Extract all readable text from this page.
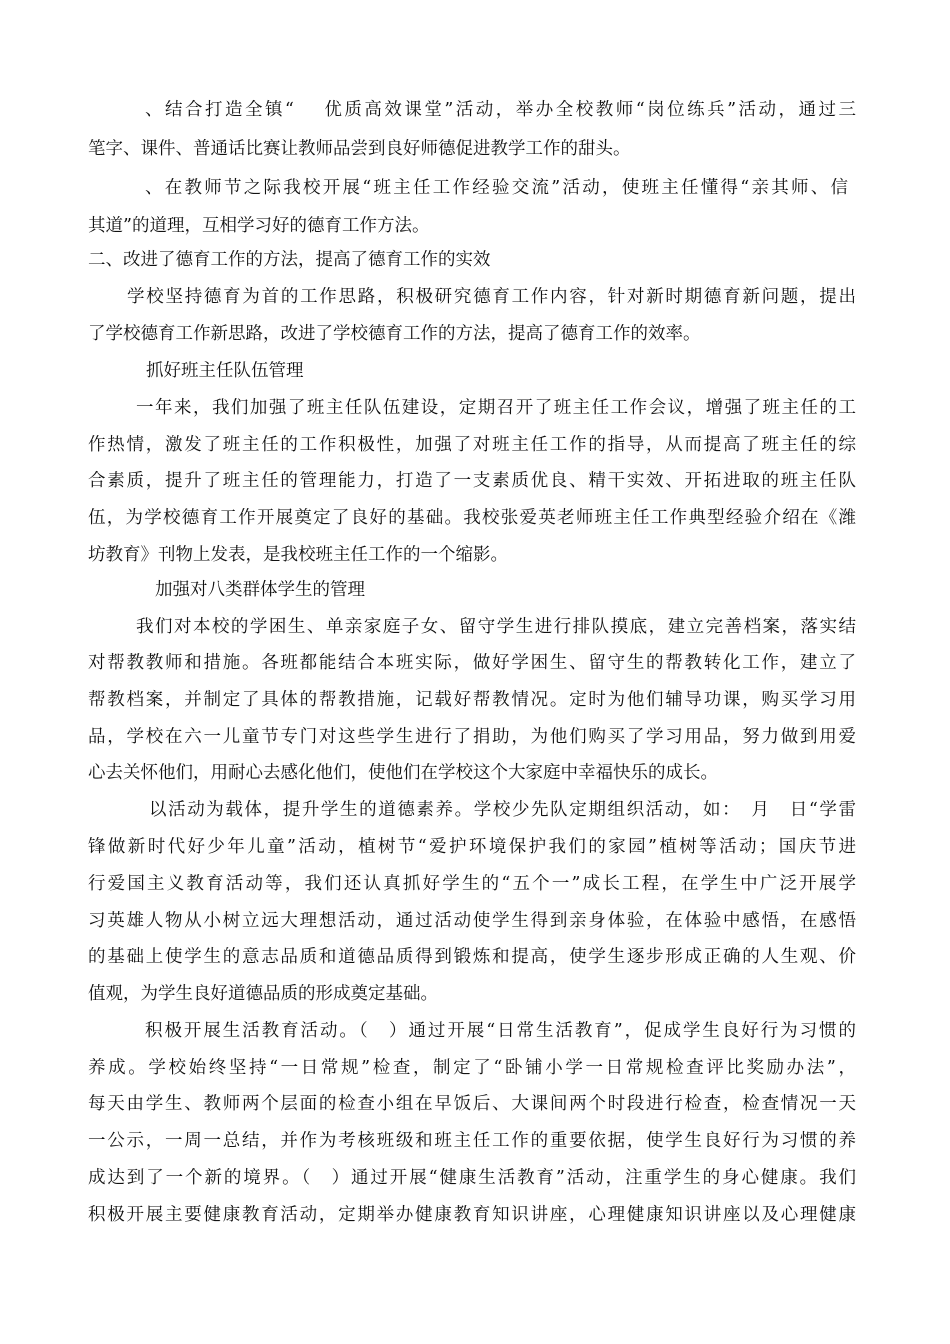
、结合打造全镇“　 优质高效课堂”活动，举办全校教师“岗位练兵”活动，通过三
笔字、课件、普通话比赛让教师品尝到良好师德促进教学工作的甜头。
、在教师节之际我校开展“班主任工作经验交流”活动，使班主任懂得“亲其师、信
其道”的道理，互相学习好的德育工作方法。
二、改进了德育工作的方法，提高了德育工作的实效
学校坚持德育为首的工作思路，积极研究德育工作内容，针对新时期德育新问题，提出
了学校德育工作新思路，改进了学校德育工作的方法，提高了德育工作的效率。
抓好班主任队伍管理
一年来，我们加强了班主任队伍建设，定期召开了班主任工作会议，增强了班主任的工
作热情，激发了班主任的工作积极性，加强了对班主任工作的指导，从而提高了班主任的综
合素质，提升了班主任的管理能力，打造了一支素质优良、精干实效、开拓进取的班主任队
伍，为学校德育工作开展奠定了良好的基础。我校张爱英老师班主任工作典型经验介绍在《潍
坊教育》刊物上发表，是我校班主任工作的一个缩影。
加强对八类群体学生的管理
我们对本校的学困生、单亲家庭子女、留守学生进行排队摸底，建立完善档案，落实结
对帮教教师和措施。各班都能结合本班实际，做好学困生、留守生的帮教转化工作，建立了
帮教档案，并制定了具体的帮教措施，记载好帮教情况。定时为他们辅导功课，购买学习用
品，学校在六一儿童节专门对这些学生进行了捐助，为他们购买了学习用品，努力做到用爱
心去关怀他们，用耐心去感化他们，使他们在学校这个大家庭中幸福快乐的成长。
以活动为载体，提升学生的道德素养。学校少先队定期组织活动，如：　月　日“学雷
锋做新时代好少年儿童”活动，植树节“爱护环境保护我们的家园”植树等活动；国庆节进
行爱国主义教育活动等，我们还认真抓好学生的“五个一”成长工程，在学生中广泛开展学
习英雄人物从小树立远大理想活动，通过活动使学生得到亲身体验，在体验中感悟，在感悟
的基础上使学生的意志品质和道德品质得到锻炼和提高，使学生逐步形成正确的人生观、价
值观，为学生良好道德品质的形成奠定基础。
积极开展生活教育活动。（　）通过开展“日常生活教育”，促成学生良好行为习惯的
养成。学校始终坚持“一日常规”检查，制定了“卧铺小学一日常规检查评比奖励办法”，
每天由学生、教师两个层面的检查小组在早饭后、大课间两个时段进行检查，检查情况一天
一公示，一周一总结，并作为考核班级和班主任工作的重要依据，使学生良好行为习惯的养
成达到了一个新的境界。（　）通过开展“健康生活教育”活动，注重学生的身心健康。我们
积极开展主要健康教育活动，定期举办健康教育知识讲座，心理健康知识讲座以及心理健康
